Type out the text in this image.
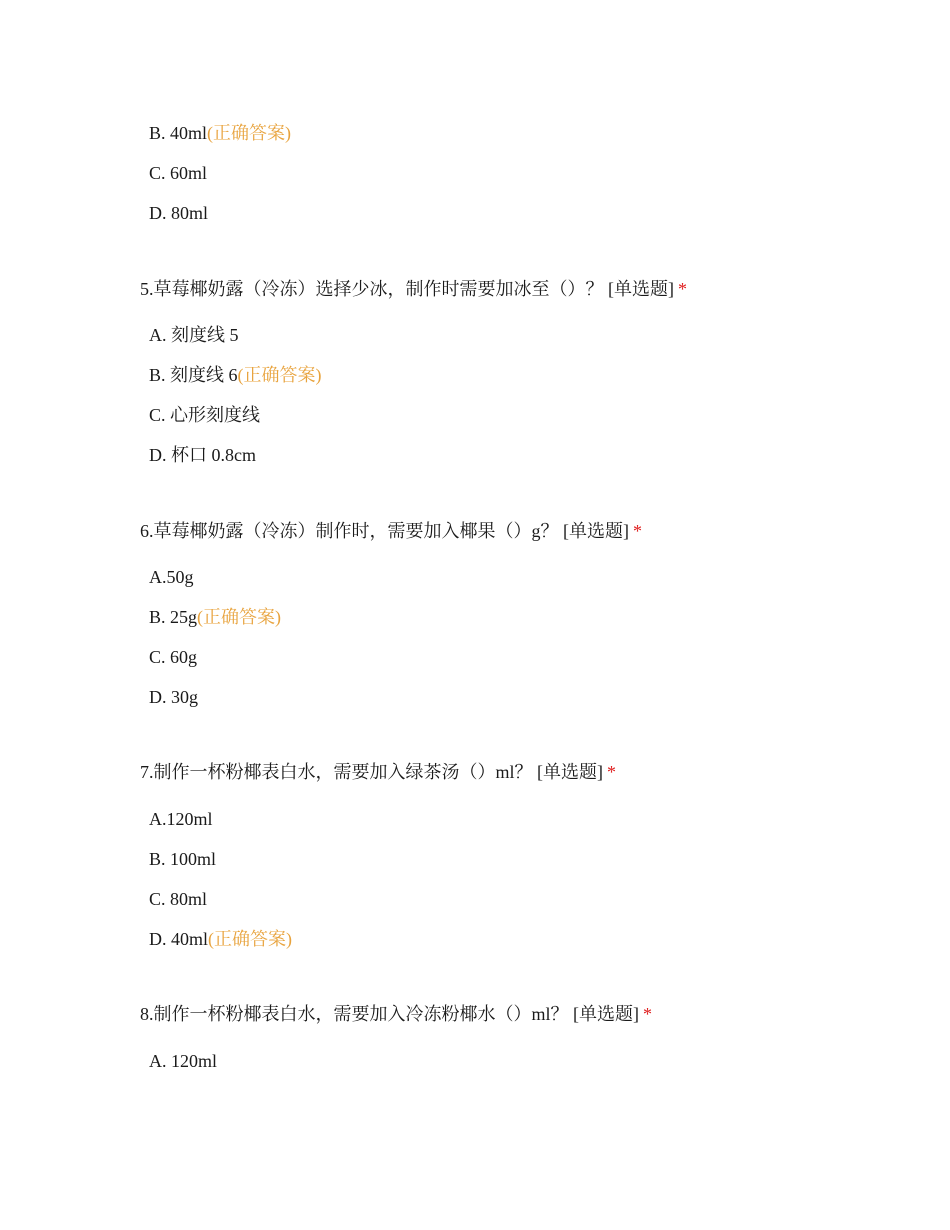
B. 40ml(正确答案)
C. 60ml
D. 80ml
5.草莓椰奶露（冷冻）选择少冰，制作时需要加冰至（）？ [单选题] *
A. 刻度线 5
B. 刻度线 6(正确答案)
C. 心形刻度线
D. 杯口 0.8cm
6.草莓椰奶露（冷冻）制作时，需要加入椰果（）g？ [单选题] *
A.50g
B. 25g(正确答案)
C. 60g
D. 30g
7.制作一杯粉椰表白水，需要加入绿茶汤（）ml？ [单选题] *
A.120ml
B. 100ml
C. 80ml
D. 40ml(正确答案)
8.制作一杯粉椰表白水，需要加入冷冻粉椰水（）ml？ [单选题] *
A. 120ml
